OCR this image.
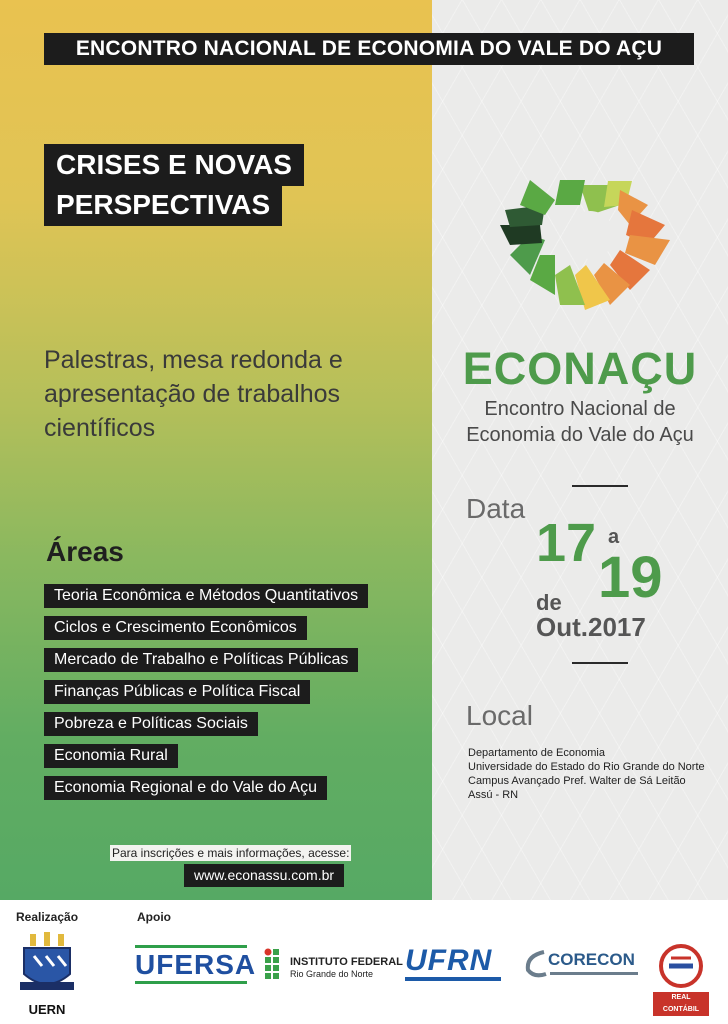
ENCONTRO NACIONAL DE ECONOMIA DO VALE DO AÇU
CRISES E NOVAS
PERSPECTIVAS
Palestras, mesa redonda e
apresentação de trabalhos
científicos
Áreas
Teoria Econômica e Métodos Quantitativos
Ciclos e Crescimento Econômicos
Mercado de Trabalho e Políticas Públicas
Finanças Públicas e Política Fiscal
Pobreza e Políticas Sociais
Economia Rural
Economia Regional e do Vale do Açu
Para inscrições e mais informações, acesse:
www.econassu.com.br
ECONAÇU
Encontro Nacional de
Economia do Vale do Açu
Data
17 a
19
de
Out.2017
Local
Departamento de Economia
Universidade do Estado do Rio Grande do Norte
Campus Avançado Pref. Walter de Sá Leitão
Assú - RN
Realização	Apoio
UERN
UFERSA	INSTITUTO FEDERAL
Rio Grande do Norte UFRN	CORECON
REAL CONTÁBIL
